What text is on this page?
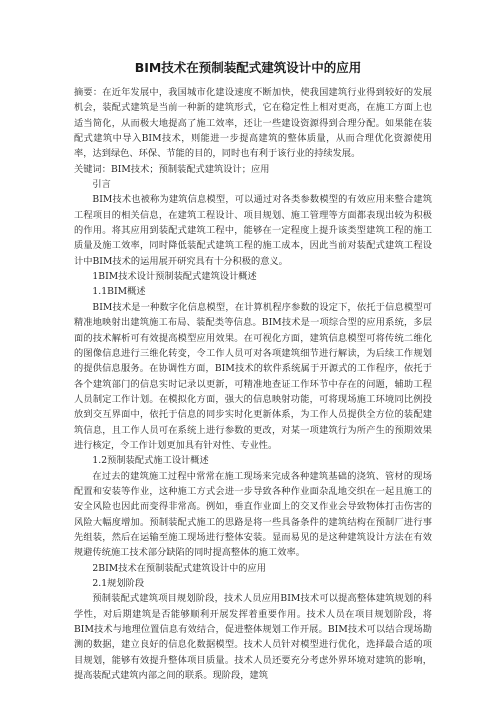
BIM技术在预制装配式建筑设计中的应用

摘要：在近年发展中，我国城市化建设速度不断加快，使我国建筑行业得到较好的发展机会，装配式建筑是当前一种新的建筑形式，它在稳定性上相对更高，在施工方面上也适当简化，从而极大地提高了施工效率，还让一些建设资源得到合理分配。如果能在装配式建筑中导入BIM技术，则能进一步提高建筑的整体质量，从而合理优化资源使用率，达到绿色、环保、节能的目的，同时也有利于该行业的持续发展。

关键词：BIM技术；预制装配式建筑设计；应用

引言

BIM技术也被称为建筑信息模型，可以通过对各类参数模型的有效应用来整合建筑工程项目的相关信息，在建筑工程设计、项目规划、施工管理等方面都表现出较为积极的作用。将其应用到装配式建筑工程中，能够在一定程度上提升该类型建筑工程的施工质量及施工效率，同时降低装配式建筑工程的施工成本，因此当前对装配式建筑工程设计中BIM技术的运用展开研究具有十分积极的意义。

1BIM技术设计预制装配式建筑设计概述

1.1BIM概述

BIM技术是一种数字化信息模型，在计算机程序参数的设定下，依托于信息模型可精准地映射出建筑施工布局、装配类等信息。BIM技术是一项综合型的应用系统，多层面的技术解析可有效提高模型应用效果。在可视化方面，建筑信息模型可将传统二维化的图像信息进行三维化转变，令工作人员可对各项建筑细节进行解读，为后续工作规划的提供信息服务。在协调性方面，BIM技术的软件系统属于开源式的工作程序，依托于各个建筑部门的信息实时记录以更新，可精准地查证工作环节中存在的问题，辅助工程人员制定工作计划。在模拟化方面，强大的信息映射功能，可将现场施工环境同比例投放到交互界面中，依托于信息的同步实时化更新体系，为工作人员提供全方位的装配建筑信息，且工作人员可在系统上进行参数的更改，对某一项建筑行为所产生的预期效果进行核定，令工作计划更加具有针对性、专业性。

1.2预制装配式施工设计概述

在过去的建筑施工过程中常常在施工现场来完成各种建筑基础的浇筑、管材的现场配置和安装等作业，这种施工方式会进一步导致各种作业面杂乱地交织在一起且施工的安全风险也因此而变得非常高。例如，垂直作业面上的交叉作业会导致物体打击伤害的风险大幅度增加。预制装配式施工的思路是将一些具备条件的建筑结构在预制厂进行事先组装，然后在运输至施工现场进行整体安装。显而易见的是这种建筑设计方法在有效规避传统施工技术部分缺陷的同时提高整体的施工效率。

2BIM技术在预制装配式建筑设计中的应用

2.1规划阶段

预制装配式建筑项目规划阶段，技术人员应用BIM技术可以提高整体建筑规划的科学性，对后期建筑是否能够顺利开展发挥着重要作用。技术人员在项目规划阶段，将BIM技术与地理位置信息有效结合，促进整体规划工作开展。BIM技术可以结合现场勘测的数据，建立良好的信息化数据模型。技术人员针对模型进行优化，选择最合适的项目规划，能够有效提升整体项目质量。技术人员还要充分考虑外界环境对建筑的影响，提高装配式建筑内部之间的联系。现阶段，建筑
